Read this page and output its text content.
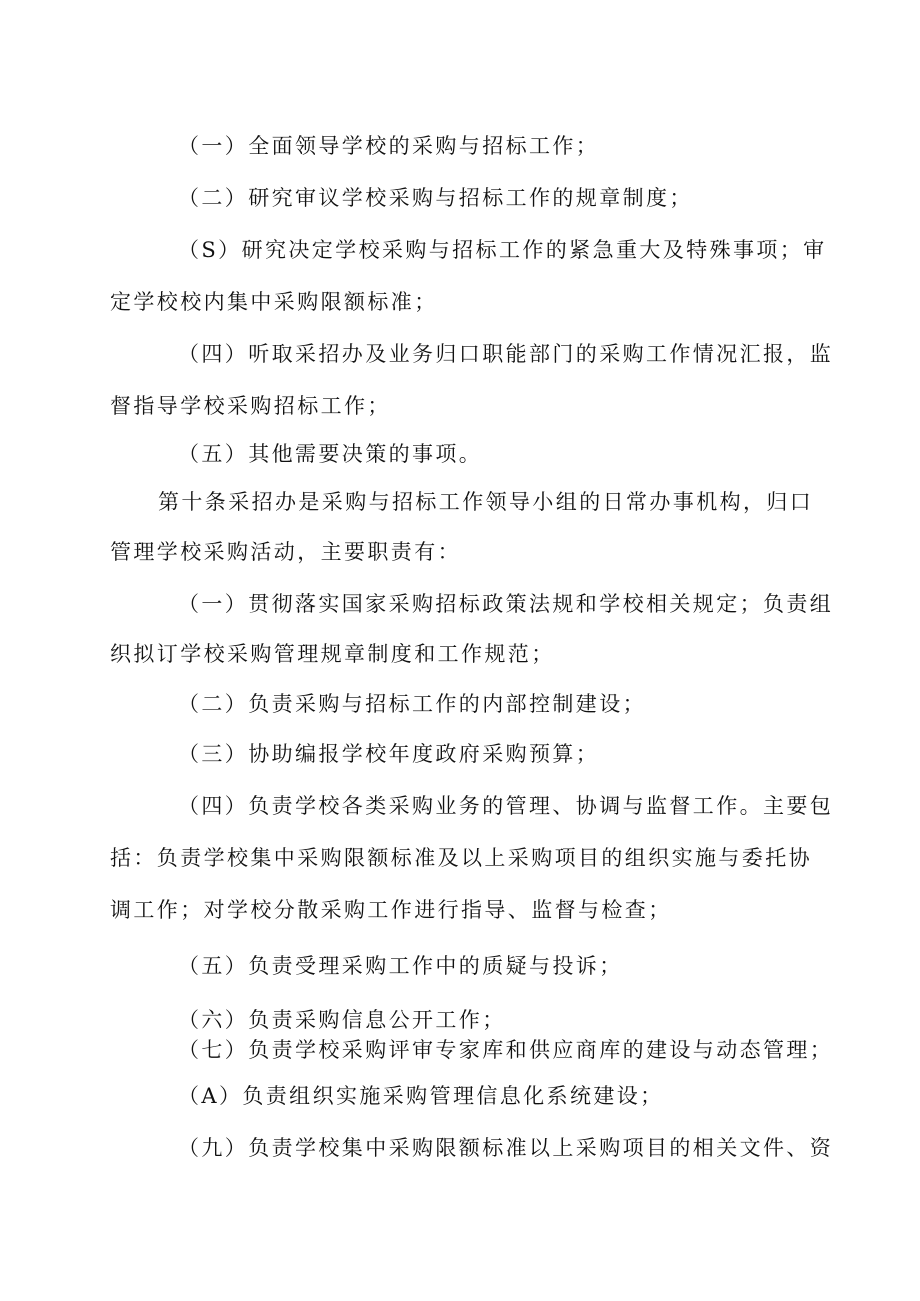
（一）全面领导学校的采购与招标工作；
（二）研究审议学校采购与招标工作的规章制度；
（S）研究决定学校采购与招标工作的紧急重大及特殊事项；审
定学校校内集中采购限额标准；
（四）听取采招办及业务归口职能部门的采购工作情况汇报，监
督指导学校采购招标工作；
（五）其他需要决策的事项。
第十条采招办是采购与招标工作领导小组的日常办事机构，归口
管理学校采购活动，主要职责有：
（一）贯彻落实国家采购招标政策法规和学校相关规定；负责组
织拟订学校采购管理规章制度和工作规范；
（二）负责采购与招标工作的内部控制建设；
（三）协助编报学校年度政府采购预算；
（四）负责学校各类采购业务的管理、协调与监督工作。主要包
括：负责学校集中采购限额标准及以上采购项目的组织实施与委托协
调工作；对学校分散采购工作进行指导、监督与检查；
（五）负责受理采购工作中的质疑与投诉；
（六）负责采购信息公开工作；
（七）负责学校采购评审专家库和供应商库的建设与动态管理；
（A）负责组织实施采购管理信息化系统建设；
（九）负责学校集中采购限额标准以上采购项目的相关文件、资
